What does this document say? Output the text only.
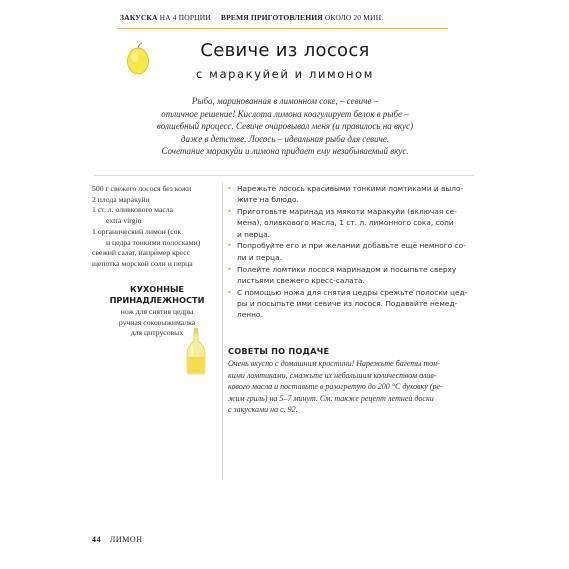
ЗАКУСКА НА 4 ПОРЦИИ ВРЕМЯ ПРИГОТОВЛЕНИЯ ОКОЛО 20 МИН.
Севиче из лосося
с маракуйей и лимоном
Рыба, маринованная в лимонном соке, – севиче –
отличное решение! Кислота лимона коагулирует белок в рыбе –
волшебный процесс. Севиче очаровывал меня (и правилось на вкус)
даже в детстве. Лосось – идеальная рыба для севиче.
Сочетание маракуйи и лимона придает ему незабываемый вкус.
500 г свежего лосося без кожи
2 плода маракуйи
1 ст. л. оливкового масла
extra virgin
1 органический лимон (сок
и цедра тонкими полосками)
свежий салат, например кресс
щепотка морской соли и перца
КУХОННЫЕ
ПРИНАДЛЕЖНОСТИ
нож для снятия цедры
ручная соковыжималка
для цитрусовых
• Нарежьте лосось красивыми тонкими ломтиками и выло-
жите на блюдо.
• Приготовьте маринад из мякоти маракуйи (включая се-
мена), оливкового масла, 1 ст. л. лимонного сока, соли
и перца.
• Попробуйте его и при желании добавьте ещё немного со-
ли и перца.
• Полейте ломтики лосося маринадом и посыпьте сверху
листьями свежего кресс-салата.
• С помощью ножа для снятия цедры срежьте полоски цед-
ры и посыпьте ими севиче из лосося. Подавайте немед-
ленно.
СОВЕТЫ ПО ПОДАЧЕ
Очень вкусно с домашним кростини! Нарежьте багеты тон-
кими ломтиками, смажьте их небольшим количеством олив-
кового масла и поставьте в разогретую до 200 °С духовку (ре-
жим гриль) на 5–7 минут. См. также рецепт летней доски
с закусками на с. 92.
44 ЛИМОН
